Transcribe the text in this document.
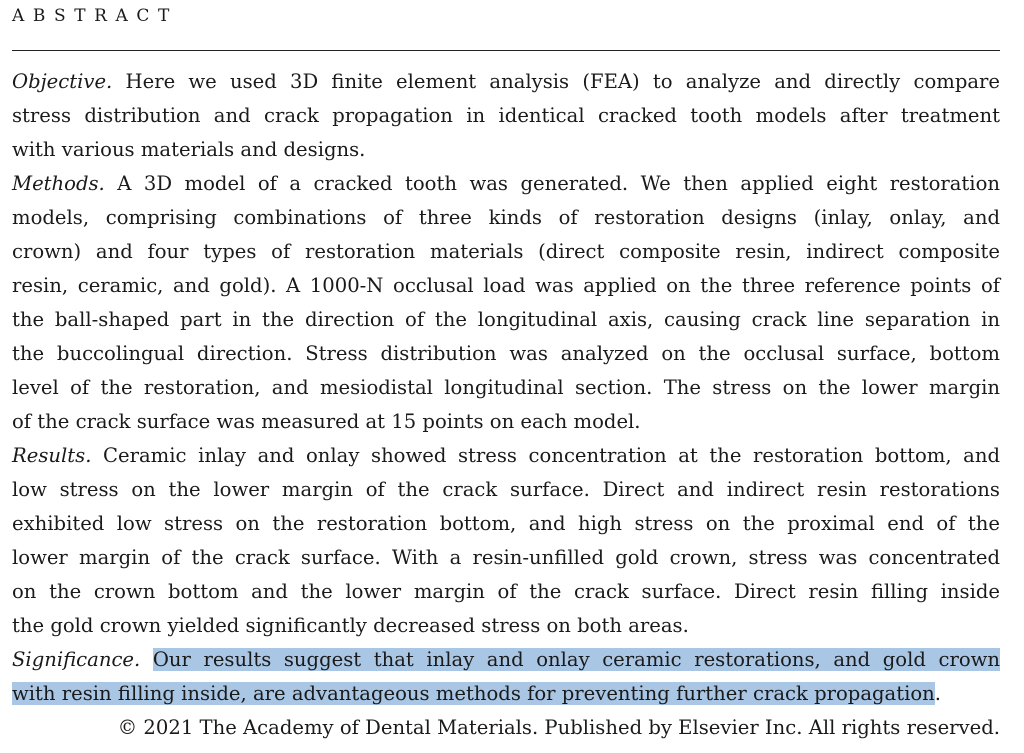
ABSTRACT
Objective. Here we used 3D finite element analysis (FEA) to analyze and directly compare
stress distribution and crack propagation in identical cracked tooth models after treatment
with various materials and designs.
Methods. A 3D model of a cracked tooth was generated. We then applied eight restoration
models, comprising combinations of three kinds of restoration designs (inlay, onlay, and
crown) and four types of restoration materials (direct composite resin, indirect composite
resin, ceramic, and gold). A 1000-N occlusal load was applied on the three reference points of
the ball-shaped part in the direction of the longitudinal axis, causing crack line separation in
the buccolingual direction. Stress distribution was analyzed on the occlusal surface, bottom
level of the restoration, and mesiodistal longitudinal section. The stress on the lower margin
of the crack surface was measured at 15 points on each model.
Results. Ceramic inlay and onlay showed stress concentration at the restoration bottom, and
low stress on the lower margin of the crack surface. Direct and indirect resin restorations
exhibited low stress on the restoration bottom, and high stress on the proximal end of the
lower margin of the crack surface. With a resin-unfilled gold crown, stress was concentrated
on the crown bottom and the lower margin of the crack surface. Direct resin filling inside
the gold crown yielded significantly decreased stress on both areas.
Significance. Our results suggest that inlay and onlay ceramic restorations, and gold crown
with resin filling inside, are advantageous methods for preventing further crack propagation.
© 2021 The Academy of Dental Materials. Published by Elsevier Inc. All rights reserved.
